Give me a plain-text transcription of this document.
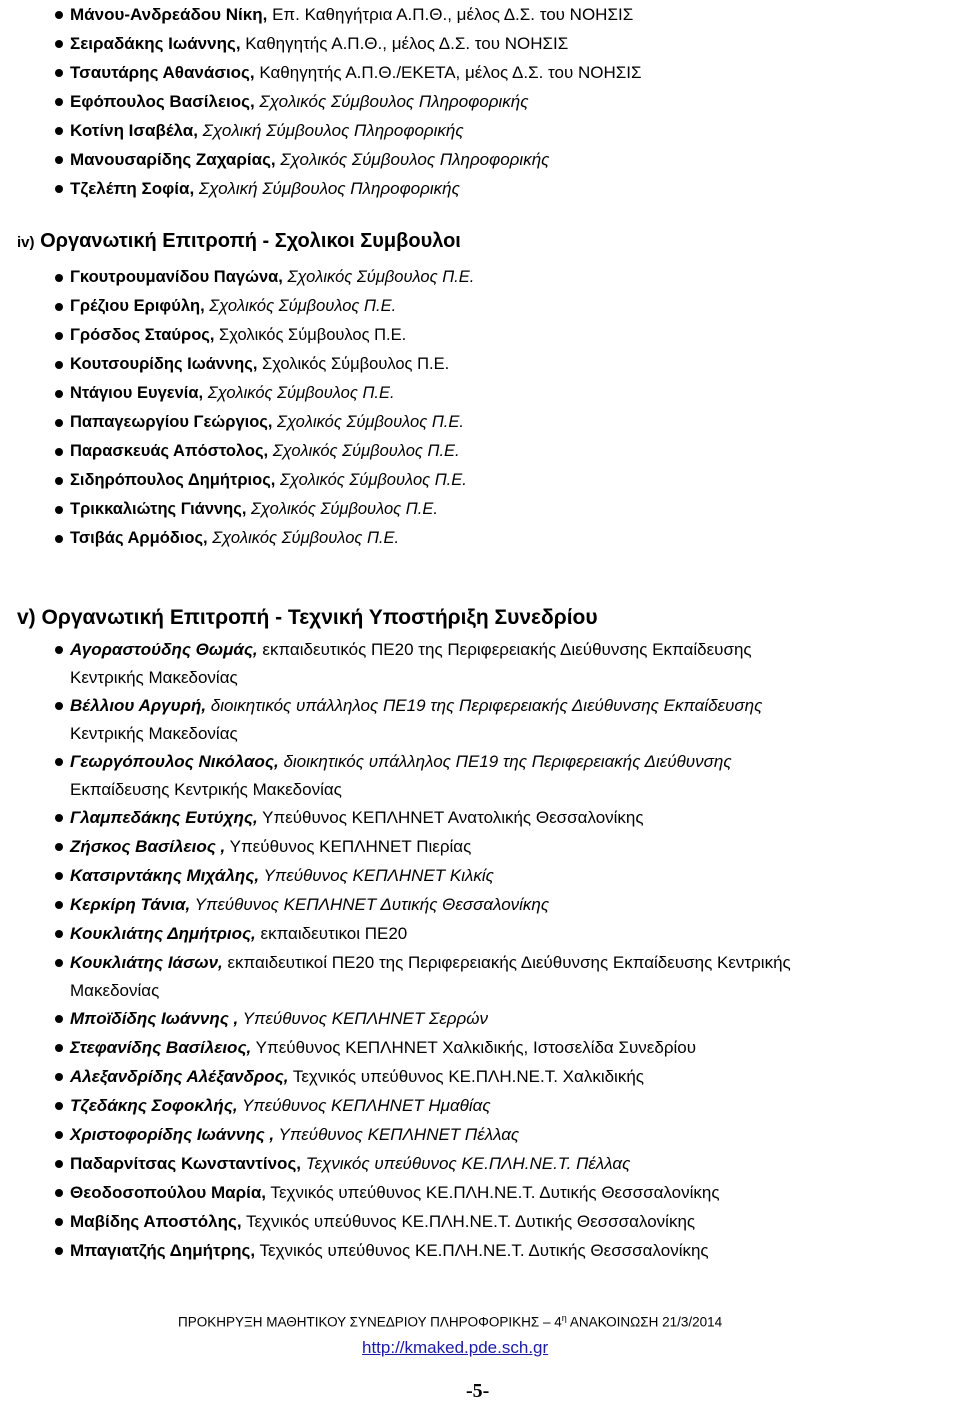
Μάνου-Ανδρεάδου Νίκη, Επ. Καθηγήτρια Α.Π.Θ., μέλος Δ.Σ. του ΝΟΗΣΙΣ
Σειραδάκης Ιωάννης, Καθηγητής Α.Π.Θ., μέλος Δ.Σ. του ΝΟΗΣΙΣ
Τσαυτάρης Αθανάσιος, Καθηγητής Α.Π.Θ./ΕΚΕΤΑ, μέλος Δ.Σ. του ΝΟΗΣΙΣ
Εφόπουλος Βασίλειος, Σχολικός Σύμβουλος Πληροφορικής
Κοτίνη Ισαβέλα, Σχολική Σύμβουλος Πληροφορικής
Μανουσαρίδης Ζαχαρίας, Σχολικός Σύμβουλος Πληροφορικής
Τζελέπη Σοφία, Σχολική Σύμβουλος Πληροφορικής
iv) Οργανωτική Επιτροπή - Σχολικοι Συμβουλοι
Γκουτρουμανίδου Παγώνα, Σχολικός Σύμβουλος Π.Ε.
Γρέζιου Εριφύλη, Σχολικός Σύμβουλος Π.Ε.
Γρόσδος Σταύρος, Σχολικός Σύμβουλος Π.Ε.
Κουτσουρίδης Ιωάννης, Σχολικός Σύμβουλος Π.Ε.
Ντάγιου Ευγενία, Σχολικός Σύμβουλος Π.Ε.
Παπαγεωργίου Γεώργιος, Σχολικός Σύμβουλος Π.Ε.
Παρασκευάς Απόστολος, Σχολικός Σύμβουλος Π.Ε.
Σιδηρόπουλος Δημήτριος, Σχολικός Σύμβουλος Π.Ε.
Τρικκαλιώτης Γιάννης, Σχολικός Σύμβουλος Π.Ε.
Τσιβάς Αρμόδιος, Σχολικός Σύμβουλος Π.Ε.
v) Οργανωτική Επιτροπή - Τεχνική Υποστήριξη Συνεδρίου
Αγοραστούδης Θωμάς, εκπαιδευτικός ΠΕ20 της Περιφερειακής Διεύθυνσης Εκπαίδευσης
Κεντρικής Μακεδονίας
Βέλλιου Αργυρή, διοικητικός υπάλληλος ΠΕ19 της Περιφερειακής Διεύθυνσης Εκπαίδευσης
Κεντρικής Μακεδονίας
Γεωργόπουλος Νικόλαος, διοικητικός υπάλληλος ΠΕ19 της Περιφερειακής Διεύθυνσης
Εκπαίδευσης Κεντρικής Μακεδονίας
Γλαμπεδάκης Ευτύχης, Υπεύθυνος ΚΕΠΛΗΝΕΤ Ανατολικής Θεσσαλονίκης
Ζήσκος Βασίλειος , Υπεύθυνος ΚΕΠΛΗΝΕΤ Πιερίας
Κατσιρντάκης Μιχάλης, Υπεύθυνος ΚΕΠΛΗΝΕΤ Κιλκίς
Κερκίρη Τάνια, Υπεύθυνος ΚΕΠΛΗΝΕΤ Δυτικής Θεσσαλονίκης
Κουκλιάτης Δημήτριος, εκπαιδευτικοι ΠΕ20
Κουκλιάτης Ιάσων, εκπαιδευτικοί ΠΕ20 της Περιφερειακής Διεύθυνσης Εκπαίδευσης Κεντρικής
Μακεδονίας
Μποϊδίδης Ιωάννης , Υπεύθυνος ΚΕΠΛΗΝΕΤ Σερρών
Στεφανίδης Βασίλειος, Υπεύθυνος ΚΕΠΛΗΝΕΤ Χαλκιδικής, Ιστοσελίδα Συνεδρίου
Αλεξανδρίδης Αλέξανδρος, Τεχνικός υπεύθυνος ΚΕ.ΠΛΗ.ΝΕ.Τ. Χαλκιδικής
Τζεδάκης Σοφοκλής, Υπεύθυνος ΚΕΠΛΗΝΕΤ Ημαθίας
Χριστοφορίδης Ιωάννης , Υπεύθυνος ΚΕΠΛΗΝΕΤ Πέλλας
Παδαρνίτσας Κωνσταντίνος, Τεχνικός υπεύθυνος ΚΕ.ΠΛΗ.ΝΕ.Τ. Πέλλας
Θεοδοσοπούλου Μαρία, Τεχνικός υπεύθυνος ΚΕ.ΠΛΗ.ΝΕ.Τ. Δυτικής Θεσσσαλονίκης
Μαβίδης Αποστόλης, Τεχνικός υπεύθυνος ΚΕ.ΠΛΗ.ΝΕ.Τ. Δυτικής Θεσσσαλονίκης
Μπαγιατζής Δημήτρης, Τεχνικός υπεύθυνος ΚΕ.ΠΛΗ.ΝΕ.Τ. Δυτικής Θεσσσαλονίκης
ΠΡΟΚΗΡΥΞΗ ΜΑΘΗΤΙΚΟΥ ΣΥΝΕΔΡΙΟΥ ΠΛΗΡΟΦΟΡΙΚΗΣ – $4^\eta$ ΑΝΑΚΟΙΝΩΣΗ 21/3/2014
http://kmaked.pde.sch.gr
-5-
